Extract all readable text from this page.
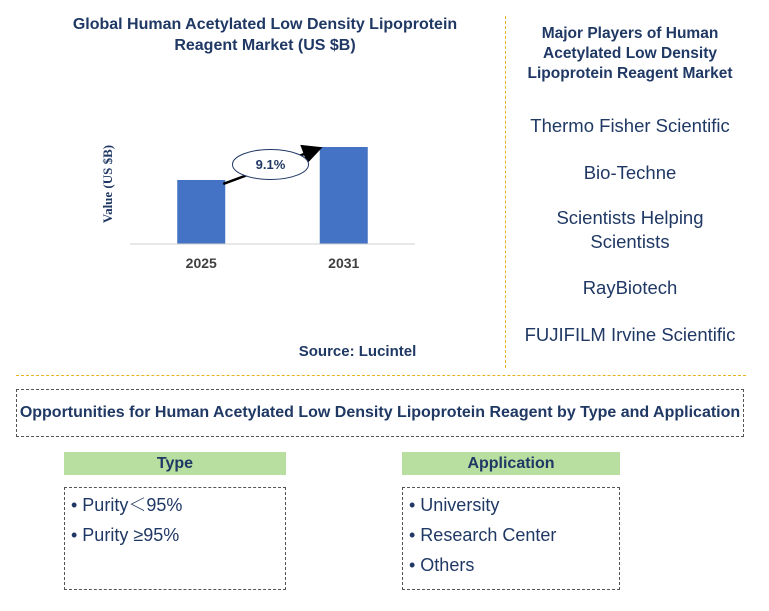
Global Human Acetylated Low Density Lipoprotein Reagent Market (US $B)
Value (US $B)
2025	2031
9.1%
Source: Lucintel
Major Players of Human Acetylated Low Density Lipoprotein Reagent Market
Thermo Fisher Scientific
Bio-Techne
Scientists Helping Scientists
RayBiotech
FUJIFILM Irvine Scientific
Opportunities for Human Acetylated Low Density Lipoprotein Reagent by Type and Application
Type
• Purity＜95%
• Purity ≥95%
Application
• University
• Research Center
• Others
